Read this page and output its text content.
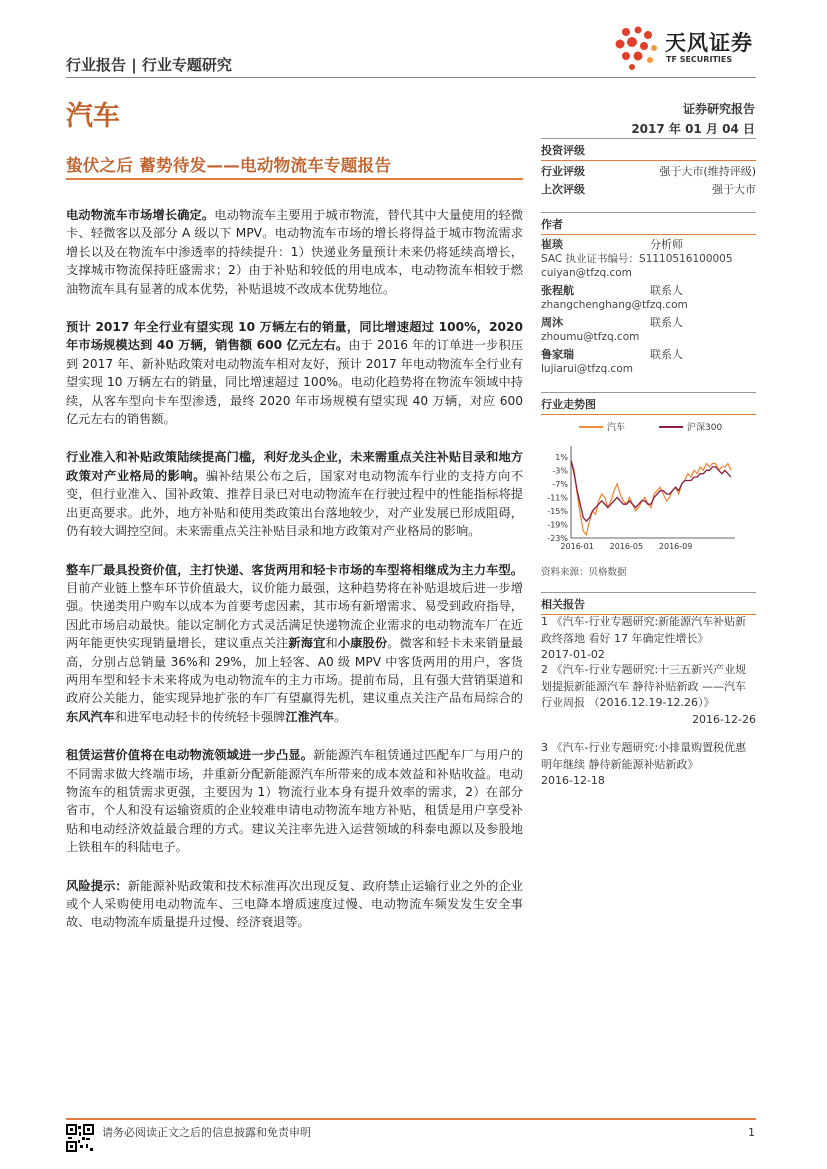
行业报告 | 行业专题研究
天风证券
TF SECURITIES
汽车	证券研究报告
2017 年 01 月 04 日
蛰伏之后 蓄势待发——电动物流车专题报告

电动物流车市场增长确定。电动物流车主要用于城市物流，替代其中大量使用的轻微卡、轻微客以及部分 A 级以下 MPV。电动物流车市场的增长将得益于城市物流需求增长以及在物流车中渗透率的持续提升：1）快递业务量预计未来仍将延续高增长，支撑城市物流保持旺盛需求；2）由于补贴和较低的用电成本，电动物流车相较于燃油物流车具有显著的成本优势，补贴退坡不改成本优势地位。

预计 2017 年全行业有望实现 10 万辆左右的销量，同比增速超过 100%，2020 年市场规模达到 40 万辆，销售额 600 亿元左右。由于 2016 年的订单进一步积压到 2017 年、新补贴政策对电动物流车相对友好，预计 2017 年电动物流车全行业有望实现 10 万辆左右的销量，同比增速超过 100%。电动化趋势将在物流车领域中持续，从客车型向卡车型渗透，最终 2020 年市场规模有望实现 40 万辆，对应 600 亿元左右的销售额。

行业准入和补贴政策陆续提高门槛，利好龙头企业，未来需重点关注补贴目录和地方政策对产业格局的影响。骗补结果公布之后，国家对电动物流车行业的支持方向不变，但行业准入、国补政策、推荐目录已对电动物流车在行驶过程中的性能指标将提出更高要求。此外，地方补贴和使用类政策出台落地较少，对产业发展已形成阻碍，仍有较大调控空间。未来需重点关注补贴目录和地方政策对产业格局的影响。

整车厂最具投资价值，主打快递、客货两用和轻卡市场的车型将相继成为主力车型。目前产业链上整车环节价值最大，议价能力最强，这种趋势将在补贴退坡后进一步增强。快递类用户购车以成本为首要考虑因素，其市场有新增需求、易受到政府指导，因此市场启动最快。能以定制化方式灵活满足快递物流企业需求的电动物流车厂在近两年能更快实现销量增长，建议重点关注新海宜和小康股份。微客和轻卡未来销量最高，分别占总销量 36%和 29%，加上轻客、A0 级 MPV 中客货两用的用户，客货两用车型和轻卡未来将成为电动物流车的主力市场。提前布局，且有强大营销渠道和政府公关能力，能实现异地扩张的车厂有望赢得先机，建议重点关注产品布局综合的东风汽车和进军电动轻卡的传统轻卡强牌江淮汽车。

租赁运营价值将在电动物流领域进一步凸显。新能源汽车租赁通过匹配车厂与用户的不同需求做大终端市场，并重新分配新能源汽车所带来的成本效益和补贴收益。电动物流车的租赁需求更强，主要因为 1）物流行业本身有提升效率的需求，2）在部分省市，个人和没有运输资质的企业较难申请电动物流车地方补贴，租赁是用户享受补贴和电动经济效益最合理的方式。建议关注率先进入运营领域的科泰电源以及参股地上铁租车的科陆电子。

风险提示：新能源补贴政策和技术标准再次出现反复、政府禁止运输行业之外的企业或个人采购使用电动物流车、三电降本增质速度过慢、电动物流车频发发生安全事故、电动物流车质量提升过慢、经济衰退等。

投资评级
行业评级	强于大市(维持评级)
上次评级	强于大市
作者
崔琰	分析师
SAC 执业证书编号：S1110516100005
cuiyan@tfzq.com
张程航	联系人
zhangchenghang@tfzq.com
周沐	联系人
zhoumu@tfzq.com
鲁家瑞	联系人
lujiarui@tfzq.com
行业走势图
汽车	沪深300
1%
-3%
-7%
-11%
-15%
-19%
-23%
2016-01 2016-05 2016-09
资料来源：贝格数据
相关报告
1 《汽车-行业专题研究:新能源汽车补贴新政终落地 看好 17 年确定性增长》
2017-01-02
2 《汽车-行业专题研究:十三五新兴产业规划提振新能源汽车 静待补贴新政 ——汽车行业周报 （2016.12.19-12.26）》
2016-12-26
3 《汽车-行业专题研究:小排量购置税优惠明年继续 静待新能源补贴新政》
2016-12-18
请务必阅读正文之后的信息披露和免责申明	1
